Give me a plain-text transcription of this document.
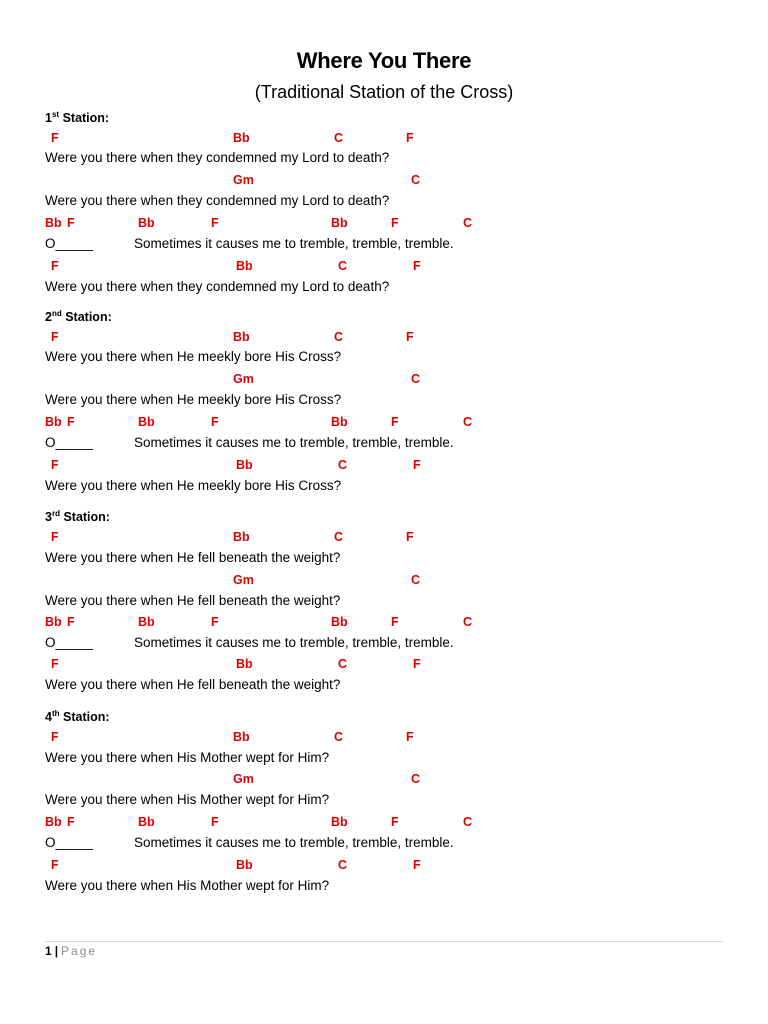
Where You There
(Traditional Station of the Cross)
1st Station:
F	Bb	C	F
Were you there when they condemned my Lord to death?
Gm	C
Were you there when they condemned my Lord to death?
Bb F	Bb	F	Bb	F	C
O_____	Sometimes it causes me to tremble, tremble, tremble.
F	Bb	C	F
Were you there when they condemned my Lord to death?
2nd Station:
F	Bb	C	F
Were you there when He meekly bore His Cross?
Gm	C
Were you there when He meekly bore His Cross?
Bb F	Bb	F	Bb	F	C
O_____	Sometimes it causes me to tremble, tremble, tremble.
F	Bb	C	F
Were you there when He meekly bore His Cross?
3rd Station:
F	Bb	C	F
Were you there when He fell beneath the weight?
Gm	C
Were you there when He fell beneath the weight?
Bb F	Bb	F	Bb	F	C
O_____	Sometimes it causes me to tremble, tremble, tremble.
F	Bb	C	F
Were you there when He fell beneath the weight?
4th Station:
F	Bb	C	F
Were you there when His Mother wept for Him?
Gm	C
Were you there when His Mother wept for Him?
Bb F	Bb	F	Bb	F	C
O_____	Sometimes it causes me to tremble, tremble, tremble.
F	Bb	C	F
Were you there when His Mother wept for Him?
1 | Page
